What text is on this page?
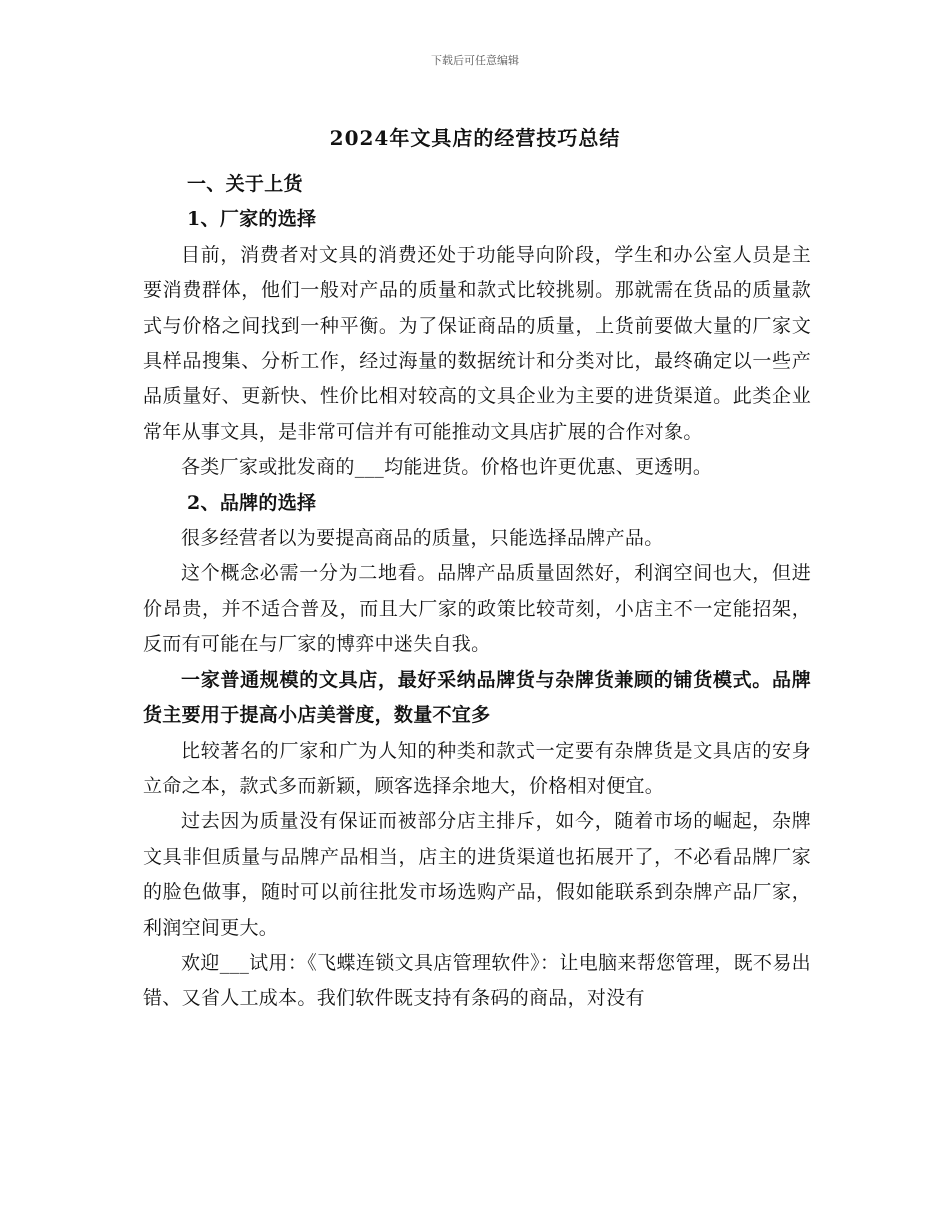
下载后可任意编辑
2024年文具店的经营技巧总结

一、关于上货

1、厂家的选择

目前，消费者对文具的消费还处于功能导向阶段，学生和办公室人员是主要消费群体，他们一般对产品的质量和款式比较挑剔。那就需在货品的质量款式与价格之间找到一种平衡。为了保证商品的质量，上货前要做大量的厂家文具样品搜集、分析工作，经过海量的数据统计和分类对比，最终确定以一些产品质量好、更新快、性价比相对较高的文具企业为主要的进货渠道。此类企业常年从事文具，是非常可信并有可能推动文具店扩展的合作对象。

各类厂家或批发商的___均能进货。价格也许更优惠、更透明。

2、品牌的选择

很多经营者以为要提高商品的质量，只能选择品牌产品。

这个概念必需一分为二地看。品牌产品质量固然好，利润空间也大，但进价昂贵，并不适合普及，而且大厂家的政策比较苛刻，小店主不一定能招架，反而有可能在与厂家的博弈中迷失自我。

一家普通规模的文具店，最好采纳品牌货与杂牌货兼顾的铺货模式。品牌货主要用于提高小店美誉度，数量不宜多

比较著名的厂家和广为人知的种类和款式一定要有杂牌货是文具店的安身立命之本，款式多而新颖，顾客选择余地大，价格相对便宜。

过去因为质量没有保证而被部分店主排斥，如今，随着市场的崛起，杂牌文具非但质量与品牌产品相当，店主的进货渠道也拓展开了，不必看品牌厂家的脸色做事，随时可以前往批发市场选购产品，假如能联系到杂牌产品厂家，利润空间更大。

欢迎___试用：《飞蝶连锁文具店管理软件》：让电脑来帮您管理，既不易出错、又省人工成本。我们软件既支持有条码的商品，对没有
